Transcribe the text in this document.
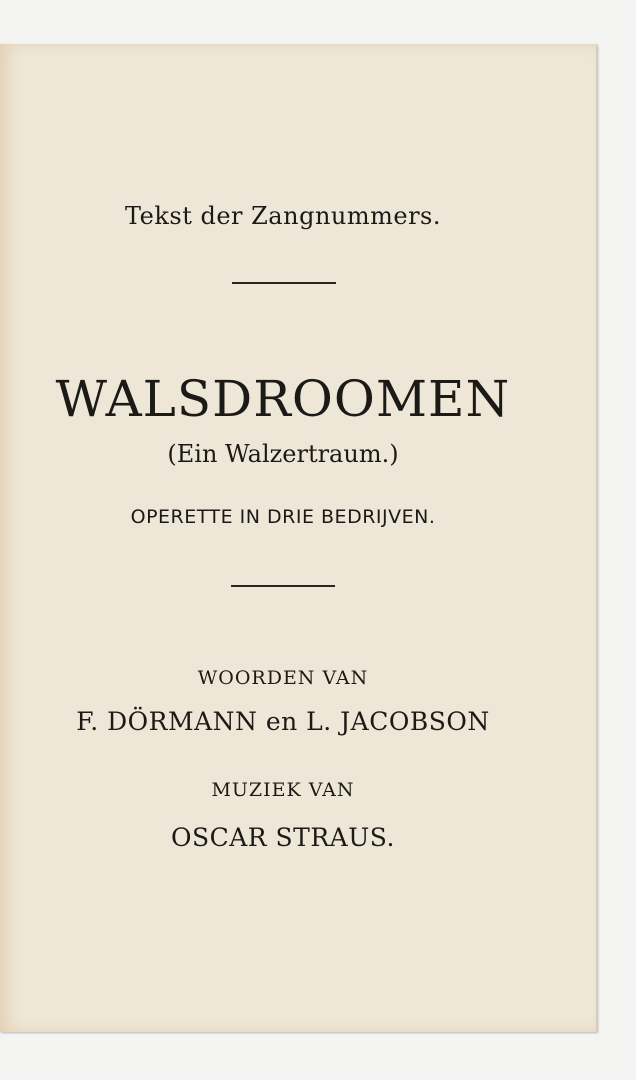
Tekst der Zangnummers.
WALSDROOMEN
(Ein Walzertraum.)
OPERETTE IN DRIE BEDRIJVEN.
WOORDEN VAN
F. DÖRMANN en L. JACOBSON
MUZIEK VAN
OSCAR STRAUS.
